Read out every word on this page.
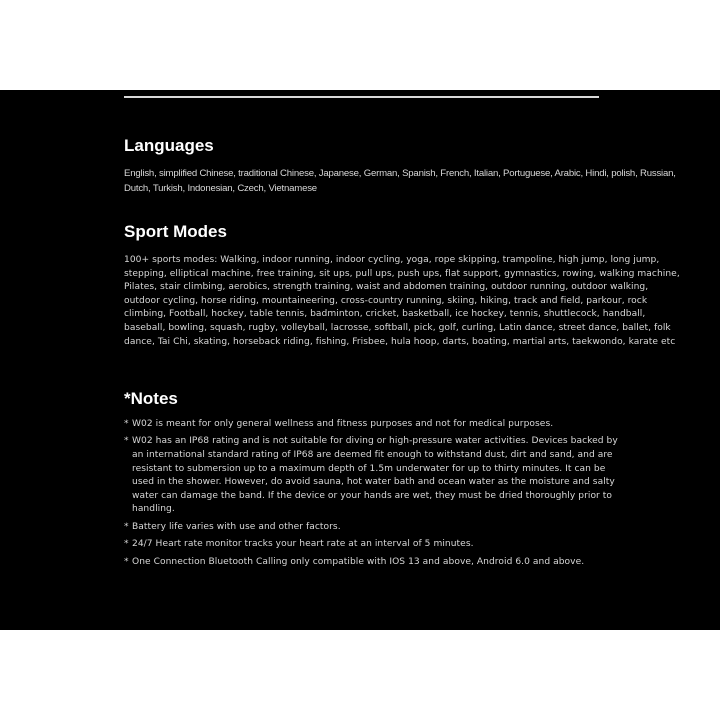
Languages

English, simplified Chinese, traditional Chinese, Japanese, German, Spanish, French, Italian, Portuguese, Arabic, Hindi, polish, Russian, Dutch, Turkish, Indonesian, Czech, Vietnamese

Sport Modes

100+ sports modes: Walking, indoor running, indoor cycling, yoga, rope skipping, trampoline, high jump, long jump, stepping, elliptical machine, free training, sit ups, pull ups, push ups, flat support, gymnastics, rowing, walking machine, Pilates, stair climbing, aerobics, strength training, waist and abdomen training, outdoor running, outdoor walking, outdoor cycling, horse riding, mountaineering, cross-country running, skiing, hiking, track and field, parkour, rock climbing, Football, hockey, table tennis, badminton, cricket, basketball, ice hockey, tennis, shuttlecock, handball, baseball, bowling, squash, rugby, volleyball, lacrosse, softball, pick, golf, curling, Latin dance, street dance, ballet, folk dance, Tai Chi, skating, horseback riding, fishing, Frisbee, hula hoop, darts, boating, martial arts, taekwondo, karate etc

*Notes
* W02 is meant for only general wellness and fitness purposes and not for medical purposes.
* W02 has an IP68 rating and is not suitable for diving or high-pressure water activities. Devices backed by an international standard rating of IP68 are deemed fit enough to withstand dust, dirt and sand, and are resistant to submersion up to a maximum depth of 1.5m underwater for up to thirty minutes. It can be used in the shower. However, do avoid sauna, hot water bath and ocean water as the moisture and salty water can damage the band. If the device or your hands are wet, they must be dried thoroughly prior to handling.
* Battery life varies with use and other factors.
* 24/7 Heart rate monitor tracks your heart rate at an interval of 5 minutes.
* One Connection Bluetooth Calling only compatible with IOS 13 and above, Android 6.0 and above.
